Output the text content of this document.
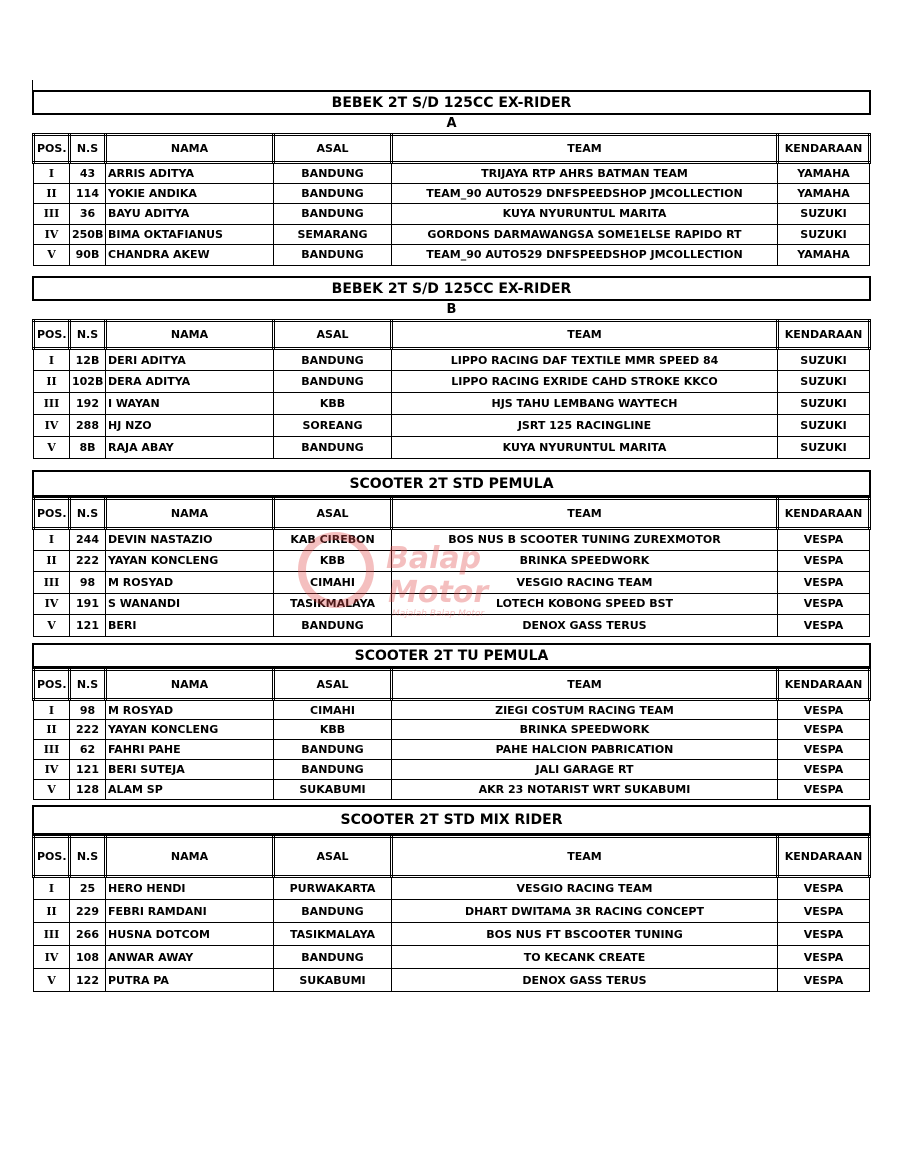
BEBEK 2T S/D 125CC EX-RIDER
A
POS.	N.S	NAMA	ASAL	TEAM	KENDARAAN
I	43	ARRIS ADITYA	BANDUNG	TRIJAYA RTP AHRS BATMAN TEAM	YAMAHA
II	114	YOKIE ANDIKA	BANDUNG	TEAM_90 AUTO529 DNFSPEEDSHOP JMCOLLECTION	YAMAHA
III	36	BAYU ADITYA	BANDUNG	KUYA NYURUNTUL MARITA	SUZUKI
IV	250B	BIMA OKTAFIANUS	SEMARANG	GORDONS DARMAWANGSA SOME1ELSE RAPIDO RT	SUZUKI
V	90B	CHANDRA AKEW	BANDUNG	TEAM_90 AUTO529 DNFSPEEDSHOP JMCOLLECTION	YAMAHA
BEBEK 2T S/D 125CC EX-RIDER
B
POS.	N.S	NAMA	ASAL	TEAM	KENDARAAN
I	12B	DERI ADITYA	BANDUNG	LIPPO RACING DAF TEXTILE MMR SPEED 84	SUZUKI
II	102B	DERA ADITYA	BANDUNG	LIPPO RACING EXRIDE CAHD STROKE KKCO	SUZUKI
III	192	I WAYAN	KBB	HJS TAHU LEMBANG WAYTECH	SUZUKI
IV	288	HJ NZO	SOREANG	JSRT 125 RACINGLINE	SUZUKI
V	8B	RAJA ABAY	BANDUNG	KUYA NYURUNTUL MARITA	SUZUKI
SCOOTER 2T STD PEMULA
POS.	N.S	NAMA	ASAL	TEAM	KENDARAAN
I	244	DEVIN NASTAZIO	KAB CIREBON	BOS NUS B SCOOTER TUNING ZUREXMOTOR	VESPA
II	222	YAYAN KONCLENG	KBB	BRINKA SPEEDWORK	VESPA
III	98	M ROSYAD	CIMAHI	VESGIO RACING TEAM	VESPA
IV	191	S WANANDI	TASIKMALAYA	LOTECH KOBONG SPEED BST	VESPA
V	121	BERI	BANDUNG	DENOX GASS TERUS	VESPA
SCOOTER 2T TU PEMULA
POS.	N.S	NAMA	ASAL	TEAM	KENDARAAN
I	98	M ROSYAD	CIMAHI	ZIEGI COSTUM RACING TEAM	VESPA
II	222	YAYAN KONCLENG	KBB	BRINKA SPEEDWORK	VESPA
III	62	FAHRI PAHE	BANDUNG	PAHE HALCION PABRICATION	VESPA
IV	121	BERI SUTEJA	BANDUNG	JALI GARAGE RT	VESPA
V	128	ALAM SP	SUKABUMI	AKR 23 NOTARIST WRT SUKABUMI	VESPA
SCOOTER 2T STD MIX RIDER
POS.	N.S	NAMA	ASAL	TEAM	KENDARAAN
I	25	HERO HENDI	PURWAKARTA	VESGIO RACING TEAM	VESPA
II	229	FEBRI RAMDANI	BANDUNG	DHART DWITAMA 3R RACING CONCEPT	VESPA
III	266	HUSNA DOTCOM	TASIKMALAYA	BOS NUS FT BSCOOTER TUNING	VESPA
IV	108	ANWAR AWAY	BANDUNG	TO KECANK CREATE	VESPA
V	122	PUTRA PA	SUKABUMI	DENOX GASS TERUS	VESPA
Balap
Motor
Majalah Balap Motor
